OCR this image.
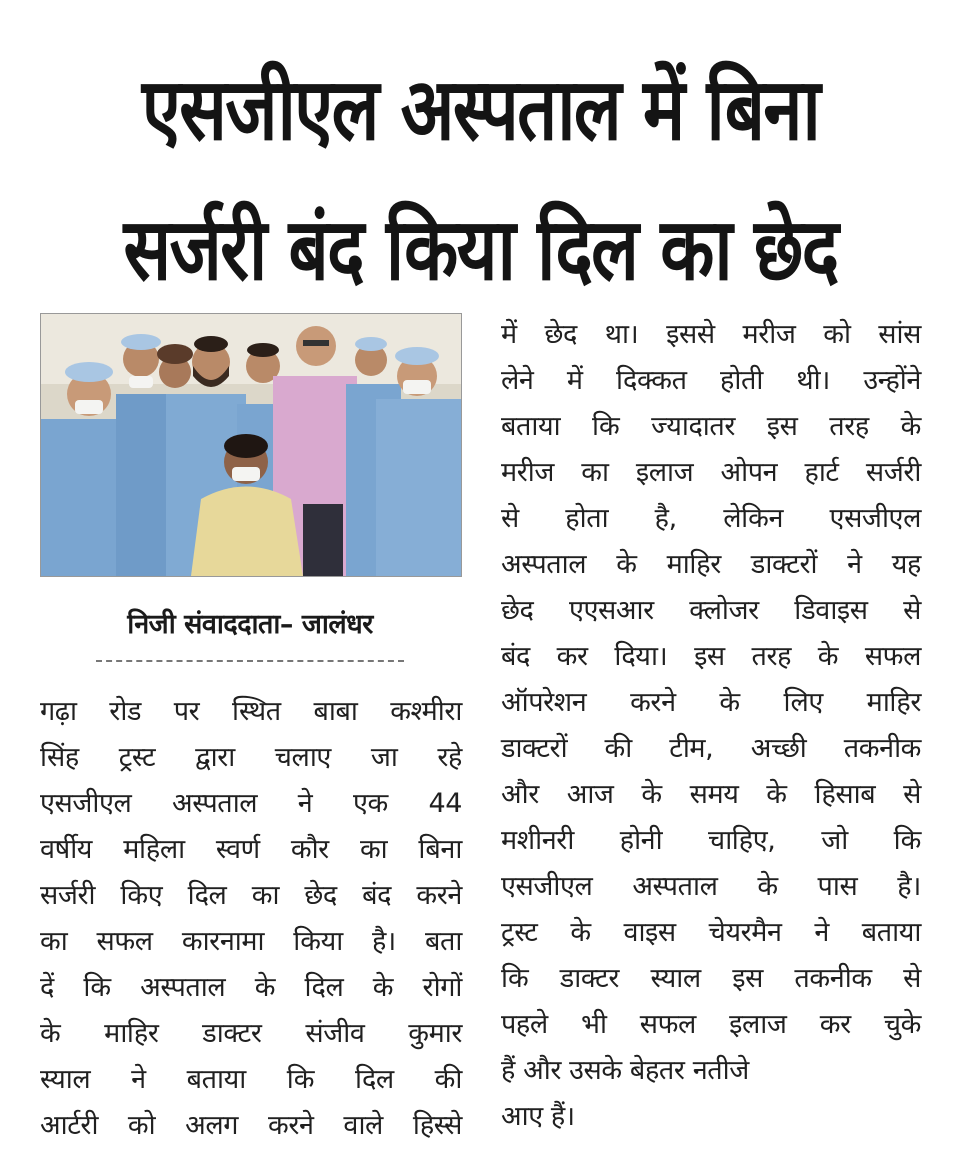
एसजीएल अस्पताल में बिना
सर्जरी बंद किया दिल का छेद
निजी संवाददाता– जालंधर
गढ़ा रोड पर स्थित बाबा कश्मीरा
सिंह ट्रस्ट द्वारा चलाए जा रहे
एसजीएल अस्पताल ने एक 44
वर्षीय महिला स्वर्ण कौर का बिना
सर्जरी किए दिल का छेद बंद करने
का सफल कारनामा किया है। बता
दें कि अस्पताल के दिल के रोगों
के माहिर डाक्टर संजीव कुमार
स्याल ने बताया कि दिल की
आर्टरी को अलग करने वाले हिस्से
में छेद था। इससे मरीज को सांस
लेने में दिक्कत होती थी। उन्होंने
बताया कि ज्यादातर इस तरह के
मरीज का इलाज ओपन हार्ट सर्जरी
से होता है, लेकिन एसजीएल
अस्पताल के माहिर डाक्टरों ने यह
छेद एएसआर क्लोजर डिवाइस से
बंद कर दिया। इस तरह के सफल
ऑपरेशन करने के लिए माहिर
डाक्टरों की टीम, अच्छी तकनीक
और आज के समय के हिसाब से
मशीनरी होनी चाहिए, जो कि
एसजीएल अस्पताल के पास है।
ट्रस्ट के वाइस चेयरमैन ने बताया
कि डाक्टर स्याल इस तकनीक से
पहले भी सफल इलाज कर चुके
हैं और उसके बेहतर नतीजे
आए हैं।
